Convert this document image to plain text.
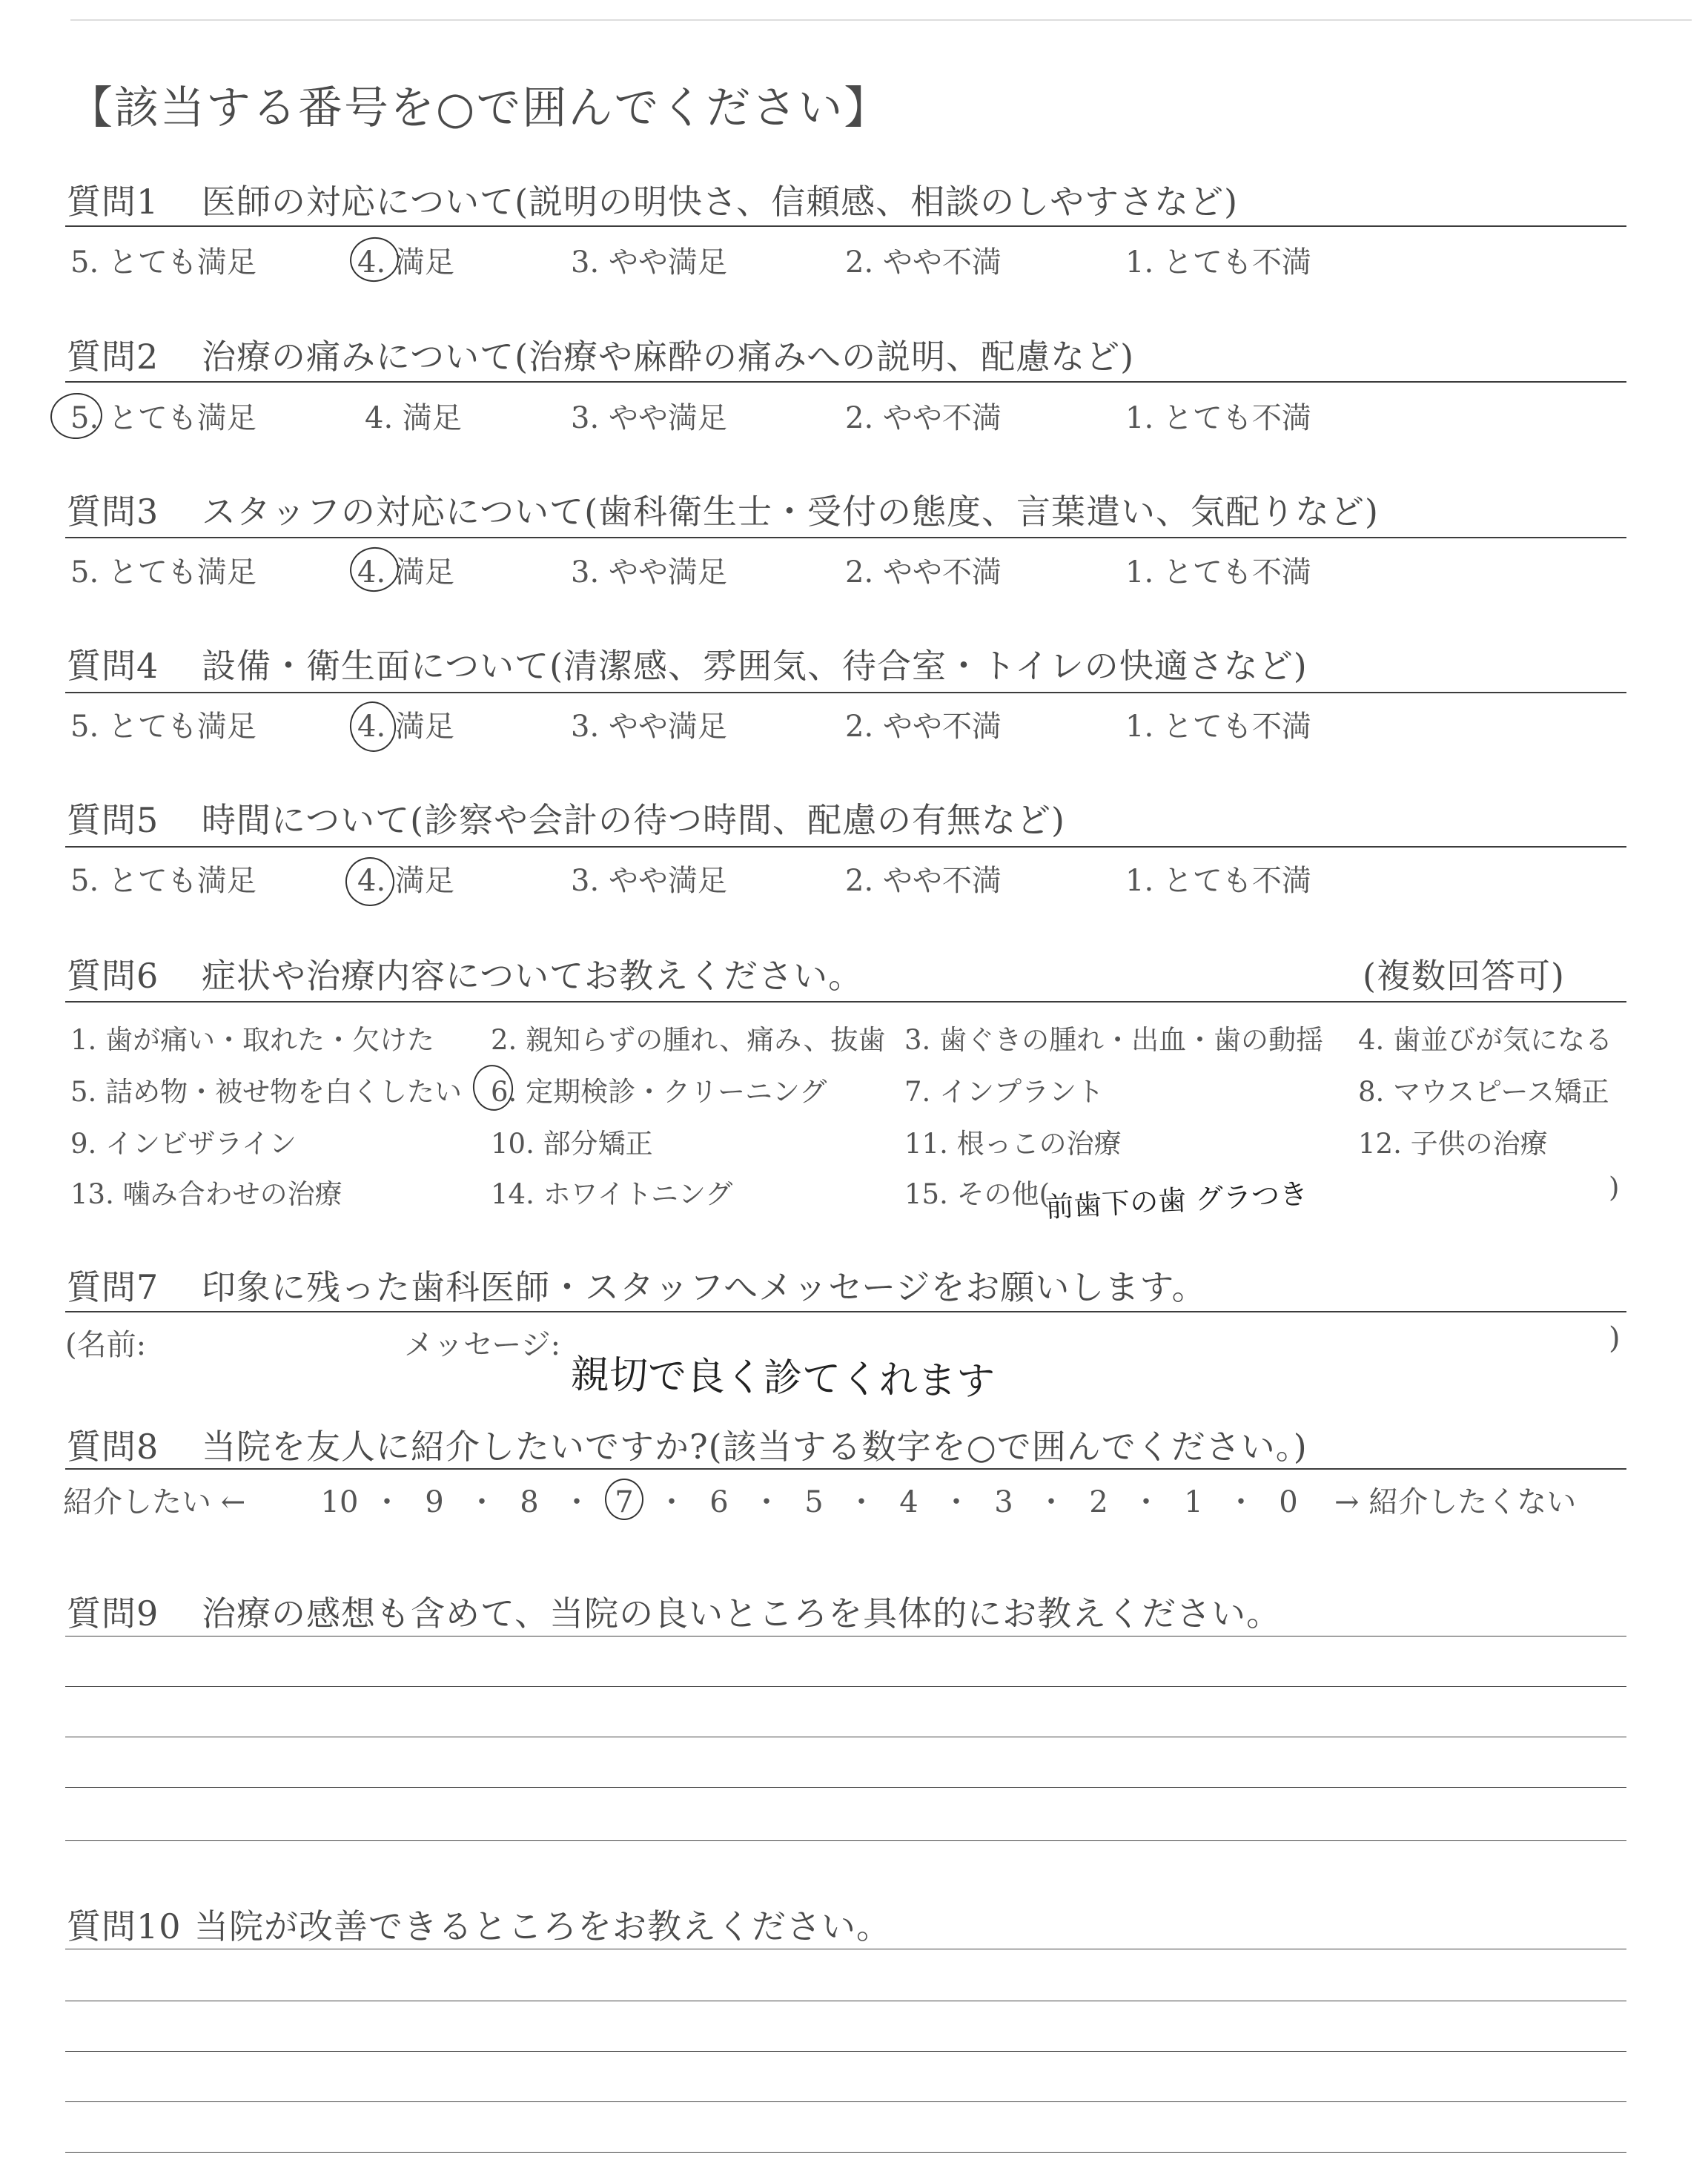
【該当する番号を○で囲んでください】
質問1 医師の対応について(説明の明快さ、信頼感、相談のしやすさなど)
5. とても満足	4. 満足	3. やや満足	2. やや不満	1. とても不満
質問2 治療の痛みについて(治療や麻酔の痛みへの説明、配慮など)
5. とても満足	4. 満足	3. やや満足	2. やや不満	1. とても不満
質問3 スタッフの対応について(歯科衛生士・受付の態度、言葉遣い、気配りなど)
5. とても満足	4. 満足	3. やや満足	2. やや不満	1. とても不満
質問4 設備・衛生面について(清潔感、雰囲気、待合室・トイレの快適さなど)
5. とても満足	4. 満足	3. やや満足	2. やや不満	1. とても不満
質問5 時間について(診察や会計の待つ時間、配慮の有無など)
5. とても満足	4. 満足	3. やや満足	2. やや不満	1. とても不満
質問6 症状や治療内容についてお教えください。	(複数回答可)
1. 歯が痛い・取れた・欠けた 2. 親知らずの腫れ、痛み、抜歯 3. 歯ぐきの腫れ・出血・歯の動揺 4. 歯並びが気になる
5. 詰め物・被せ物を白くしたい 6. 定期検診・クリーニング	7. インプラント	8. マウスピース矯正
9. インビザライン	10. 部分矯正	11. 根っこの治療	12. 子供の治療
13. 噛み合わせの治療	14. ホワイトニング	15. その他(
前歯下の歯 グラつき	)
質問7 印象に残った歯科医師・スタッフへメッセージをお願いします。
(名前:	メッセージ:	)
親切で良く診てくれます
質問8 当院を友人に紹介したいですか?(該当する数字を○で囲んでください。)
紹介したい ←	10 ・ 9 ・ 8 ・ 7 ・ 6 ・ 5 ・ 4 ・ 3 ・ 2 ・ 1 ・ 0	→ 紹介したくない
質問9 治療の感想も含めて、当院の良いところを具体的にお教えください。
質問10 当院が改善できるところをお教えください。
